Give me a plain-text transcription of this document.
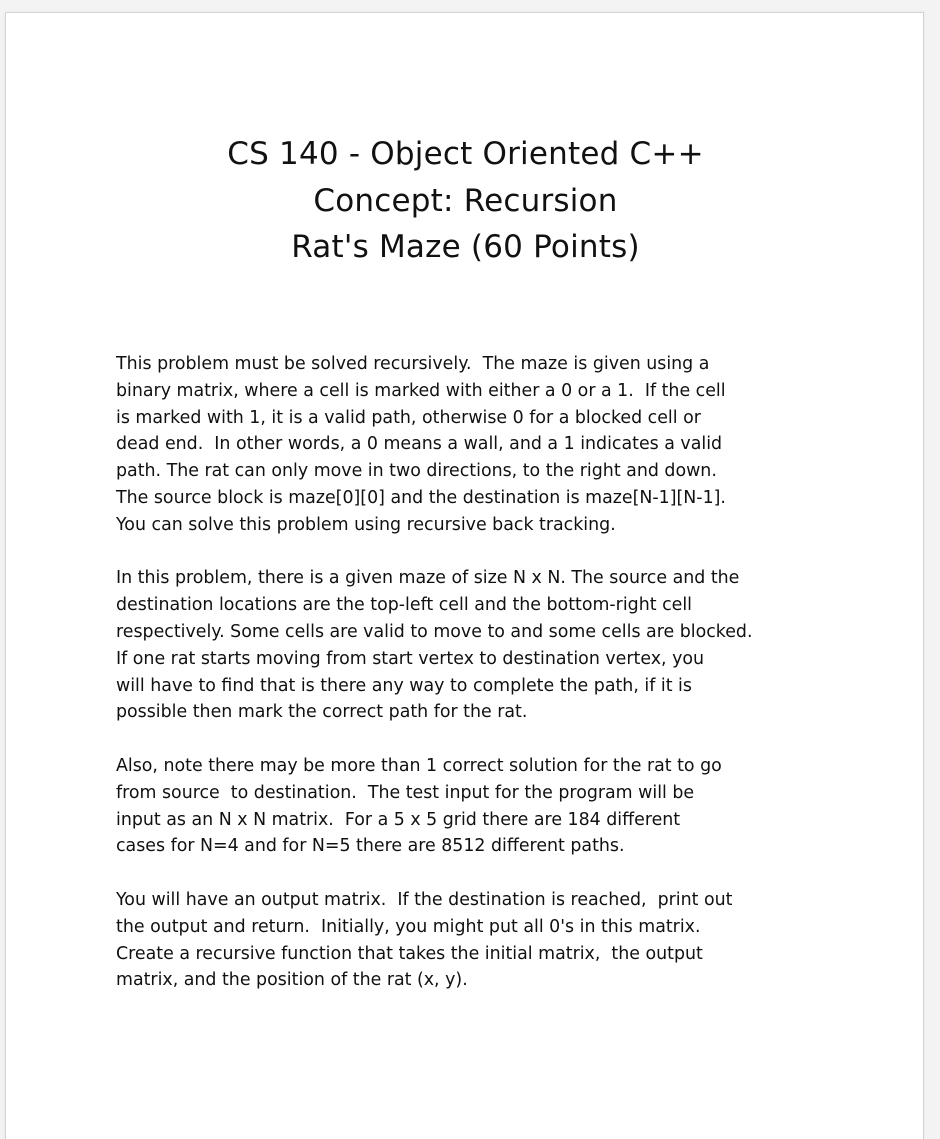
CS 140 - Object Oriented C++
Concept: Recursion
Rat's Maze (60 Points)

This problem must be solved recursively.  The maze is given using a
binary matrix, where a cell is marked with either a 0 or a 1.  If the cell
is marked with 1, it is a valid path, otherwise 0 for a blocked cell or
dead end.  In other words, a 0 means a wall, and a 1 indicates a valid
path. The rat can only move in two directions, to the right and down.
The source block is maze[0][0] and the destination is maze[N-1][N-1].
You can solve this problem using recursive back tracking.

In this problem, there is a given maze of size N x N. The source and the
destination locations are the top-left cell and the bottom-right cell
respectively. Some cells are valid to move to and some cells are blocked.
If one rat starts moving from start vertex to destination vertex, you
will have to find that is there any way to complete the path, if it is
possible then mark the correct path for the rat.

Also, note there may be more than 1 correct solution for the rat to go
from source  to destination.  The test input for the program will be
input as an N x N matrix.  For a 5 x 5 grid there are 184 different
cases for N=4 and for N=5 there are 8512 different paths.

You will have an output matrix.  If the destination is reached,  print out
the output and return.  Initially, you might put all 0's in this matrix.
Create a recursive function that takes the initial matrix,  the output
matrix, and the position of the rat (x, y).
